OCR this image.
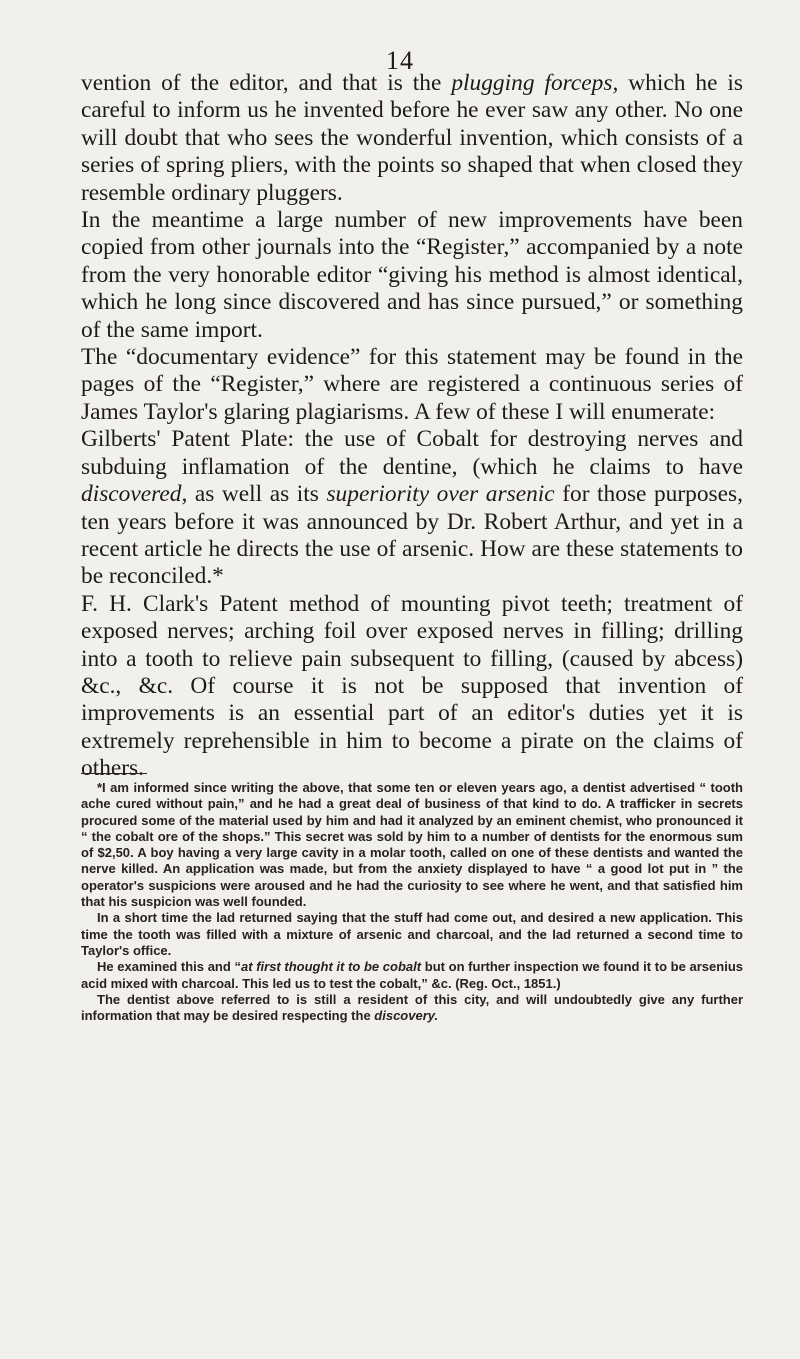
14

vention of the editor, and that is the plugging forceps, which he is careful to inform us he invented before he ever saw any other. No one will doubt that who sees the wonderful invention, which consists of a series of spring pliers, with the points so shaped that when closed they resemble ordinary pluggers.

In the meantime a large number of new improvements have been copied from other journals into the “Register,” accompanied by a note from the very honorable editor “giving his method is almost identical, which he long since discovered and has since pursued,” or something of the same import.

The “documentary evidence” for this statement may be found in the pages of the “Register,” where are registered a continuous series of James Taylor's glaring plagiarisms. A few of these I will enumerate:

Gilberts' Patent Plate: the use of Cobalt for destroying nerves and subduing inflamation of the dentine, (which he claims to have discovered, as well as its superiority over arsenic for those purposes, ten years before it was announced by Dr. Robert Arthur, and yet in a recent article he directs the use of arsenic. How are these statements to be reconciled.*

F. H. Clark's Patent method of mounting pivot teeth; treatment of exposed nerves; arching foil over exposed nerves in filling; drilling into a tooth to relieve pain subsequent to filling, (caused by abcess) &c., &c. Of course it is not be supposed that invention of improvements is an essential part of an editor's duties yet it is extremely reprehensible in him to become a pirate on the claims of others.

*I am informed since writing the above, that some ten or eleven years ago, a dentist advertised “ tooth ache cured without pain,” and he had a great deal of business of that kind to do. A trafficker in secrets procured some of the material used by him and had it analyzed by an eminent chemist, who pronounced it “ the cobalt ore of the shops.” This secret was sold by him to a number of dentists for the enormous sum of $2,50. A boy having a very large cavity in a molar tooth, called on one of these dentists and wanted the nerve killed. An application was made, but from the anxiety displayed to have “ a good lot put in ” the operator's suspicions were aroused and he had the curiosity to see where he went, and that satisfied him that his suspicion was well founded.

In a short time the lad returned saying that the stuff had come out, and desired a new application. This time the tooth was filled with a mixture of arsenic and charcoal, and the lad returned a second time to Taylor's office.

He examined this and “at first thought it to be cobalt but on further inspection we found it to be arsenius acid mixed with charcoal. This led us to test the cobalt,” &c. (Reg. Oct., 1851.)

The dentist above referred to is still a resident of this city, and will undoubtedly give any further information that may be desired respecting the discovery.
